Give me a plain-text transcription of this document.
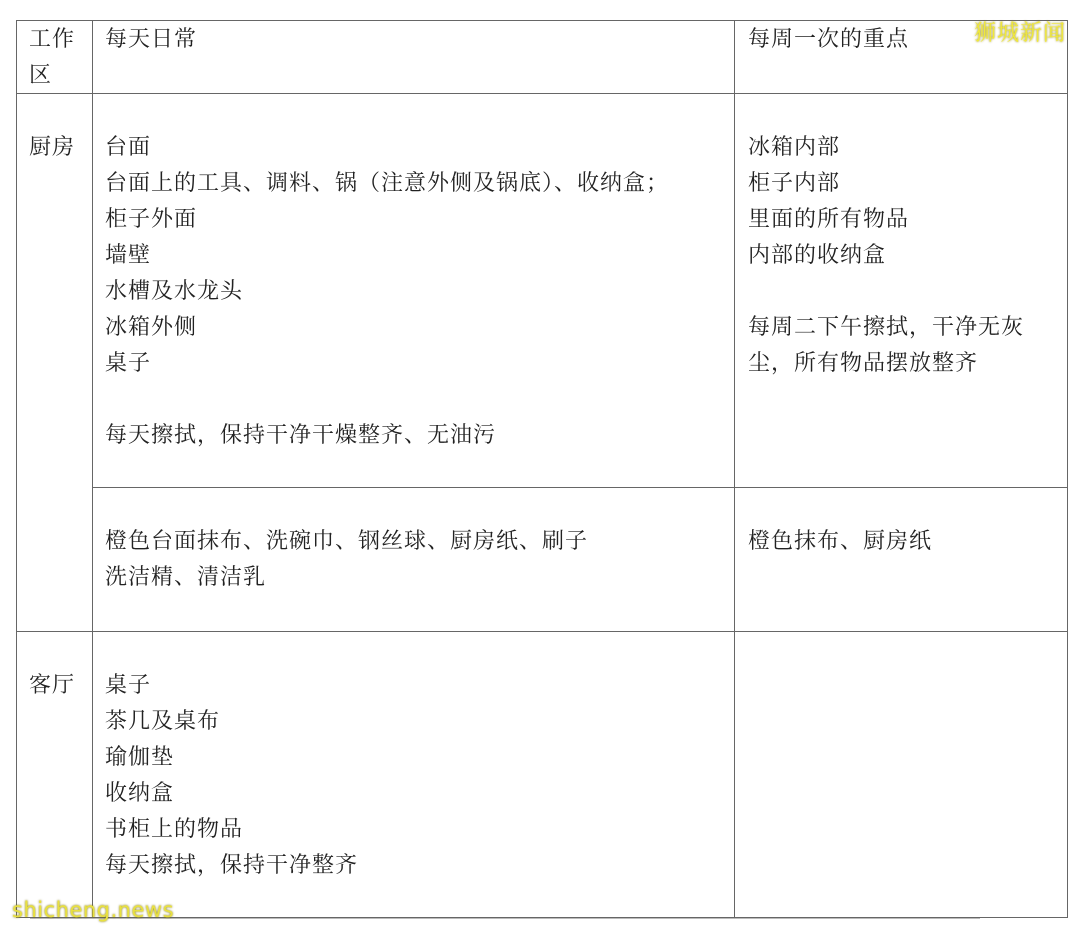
工作
区
每天日常	每周一次的重点
厨房 台面
台面上的工具、调料、锅（注意外侧及锅底）、收纳盒；
柜子外面
墙壁
水槽及水龙头
冰箱外侧
桌子
每天擦拭，保持干净干燥整齐、无油污
冰箱内部
柜子内部
里面的所有物品
内部的收纳盒
每周二下午擦拭，干净无灰
尘，所有物品摆放整齐
橙色台面抹布、洗碗巾、钢丝球、厨房纸、刷子
洗洁精、清洁乳
橙色抹布、厨房纸
客厅 桌子
茶几及桌布
瑜伽垫
收纳盒
书柜上的物品
每天擦拭，保持干净整齐
狮城新闻
shicheng.news
